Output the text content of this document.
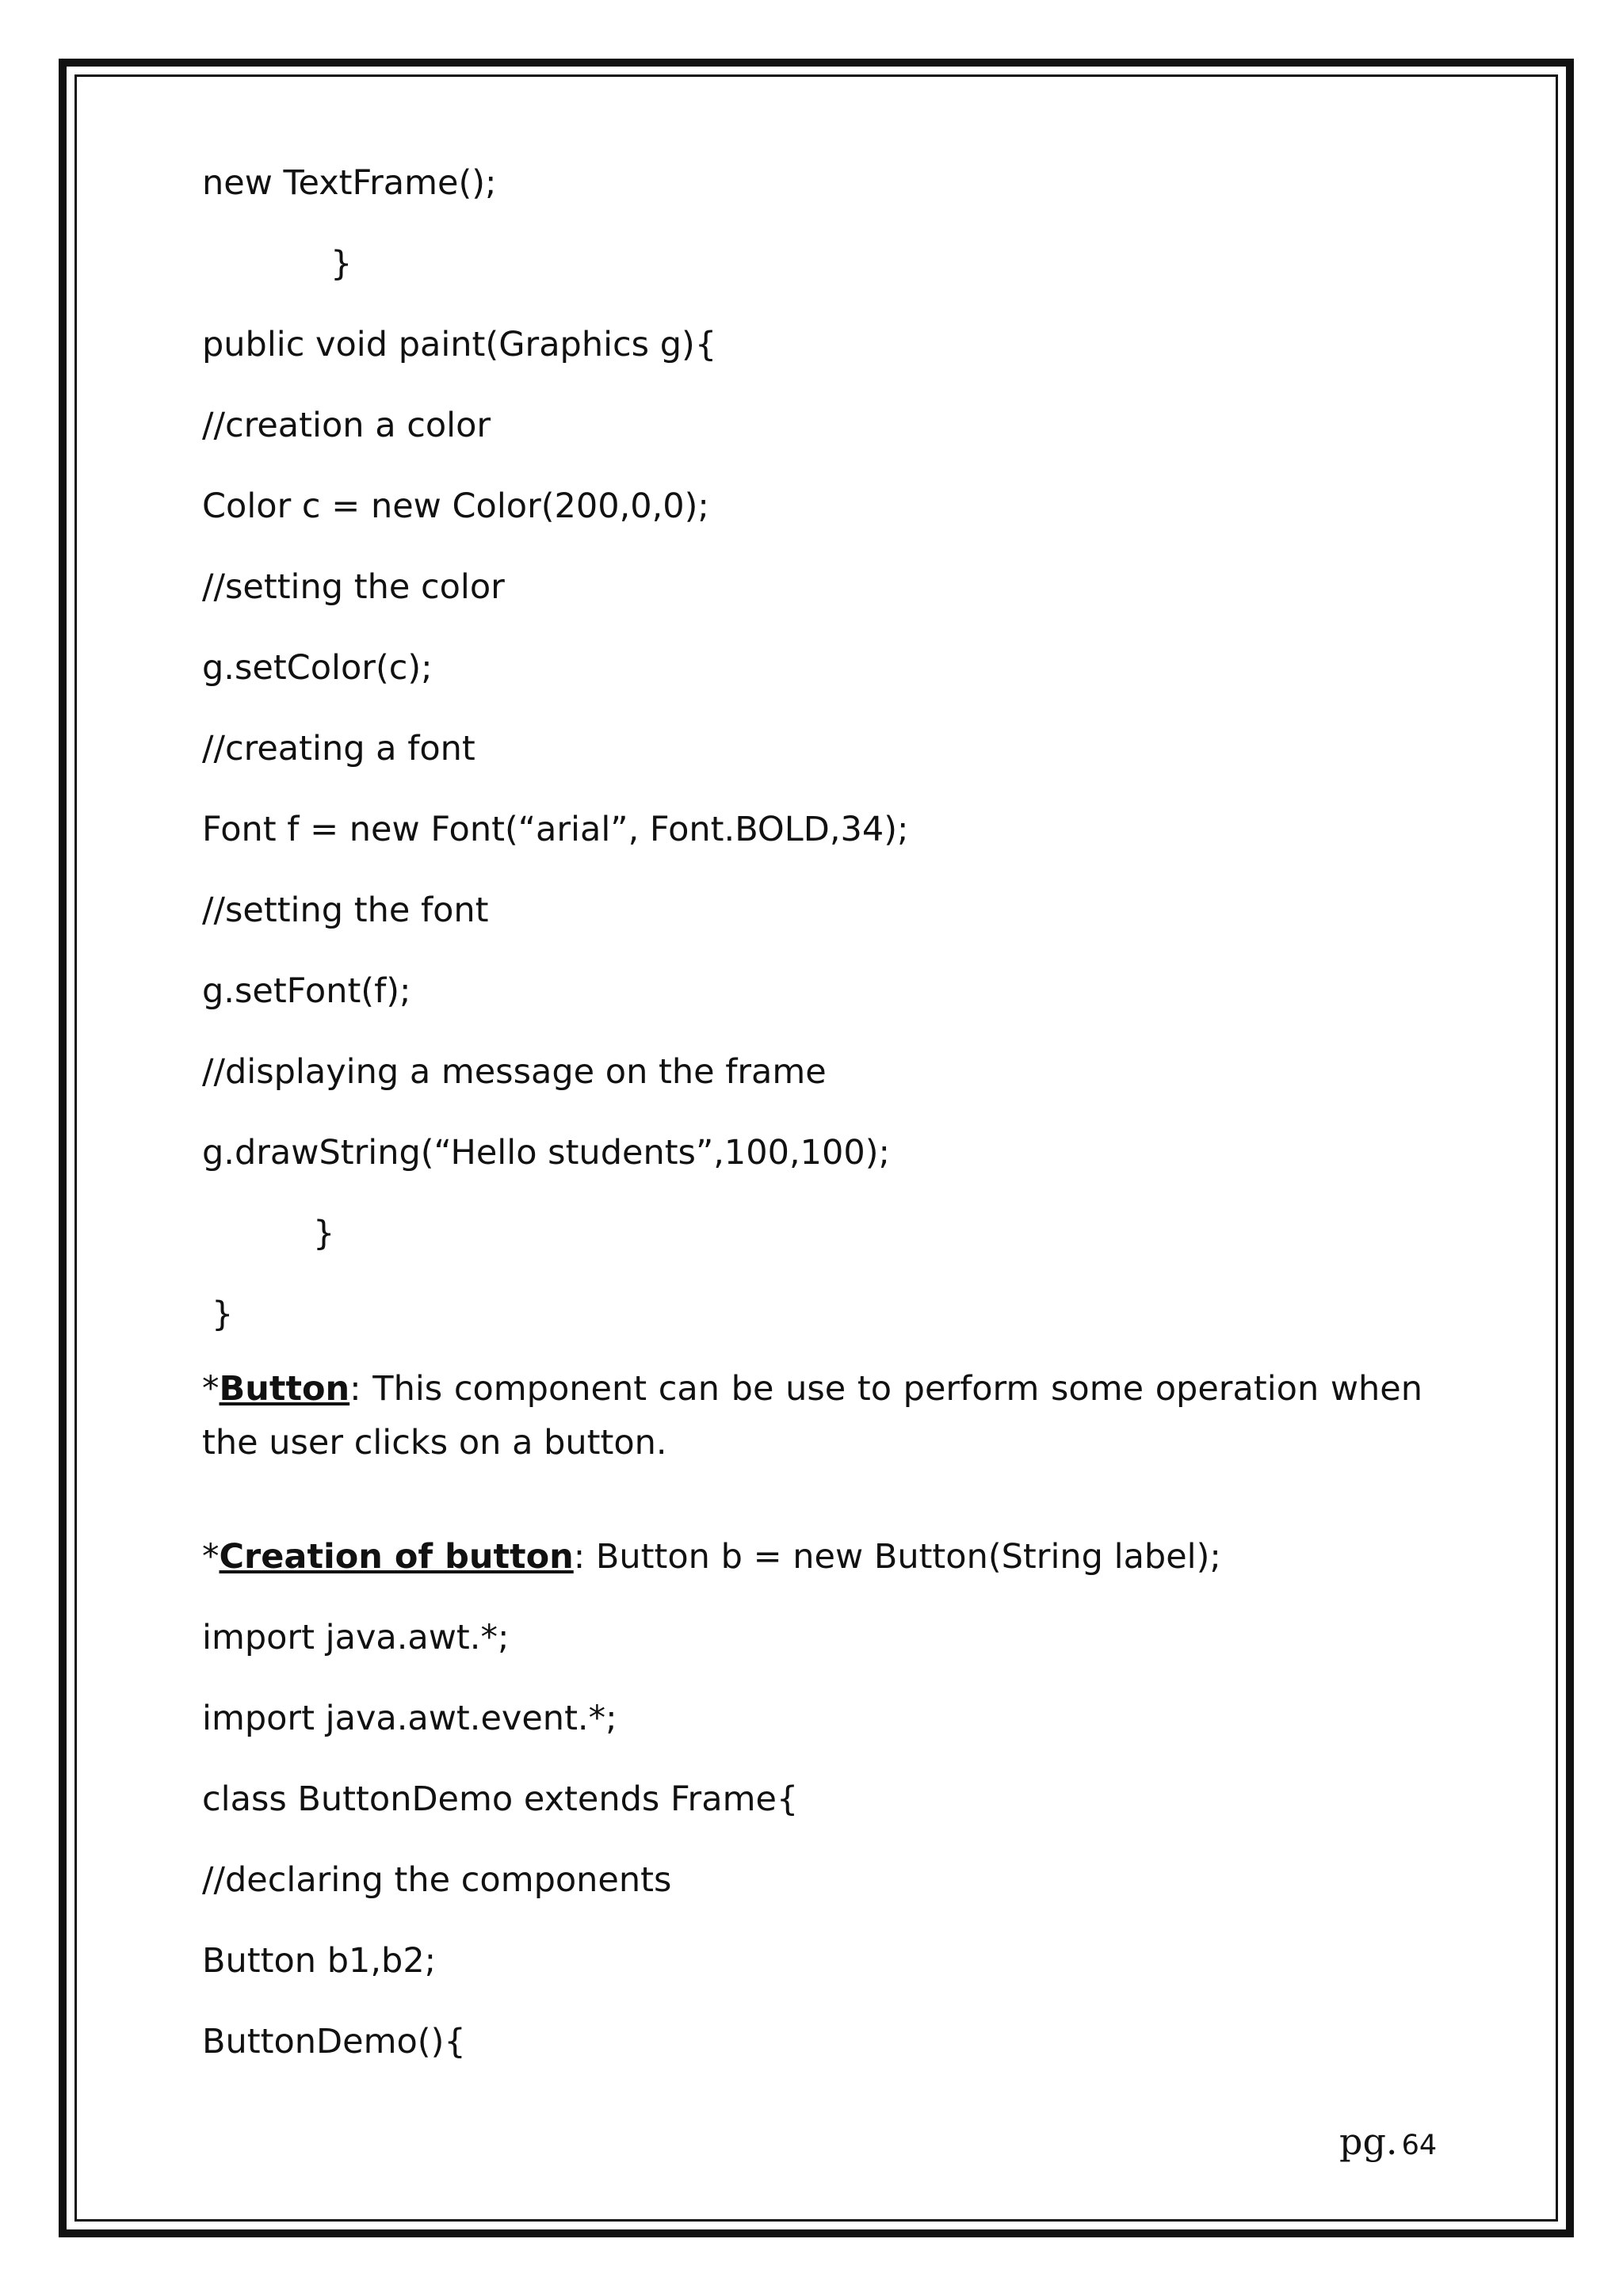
new TextFrame();
}
public void paint(Graphics g){
//creation a color
Color c = new Color(200,0,0);
//setting the color
g.setColor(c);
//creating a font
Font f = new Font(“arial”, Font.BOLD,34);
//setting the font
g.setFont(f);
//displaying a message on the frame
g.drawString(“Hello students”,100,100);
}
}
*Button: This component can be use to perform some operation when the user clicks on a button.
*Creation of button: Button b = new Button(String label);
import java.awt.*;
import java.awt.event.*;
class ButtonDemo extends Frame{
//declaring the components
Button b1,b2;
ButtonDemo(){
pg. 64
